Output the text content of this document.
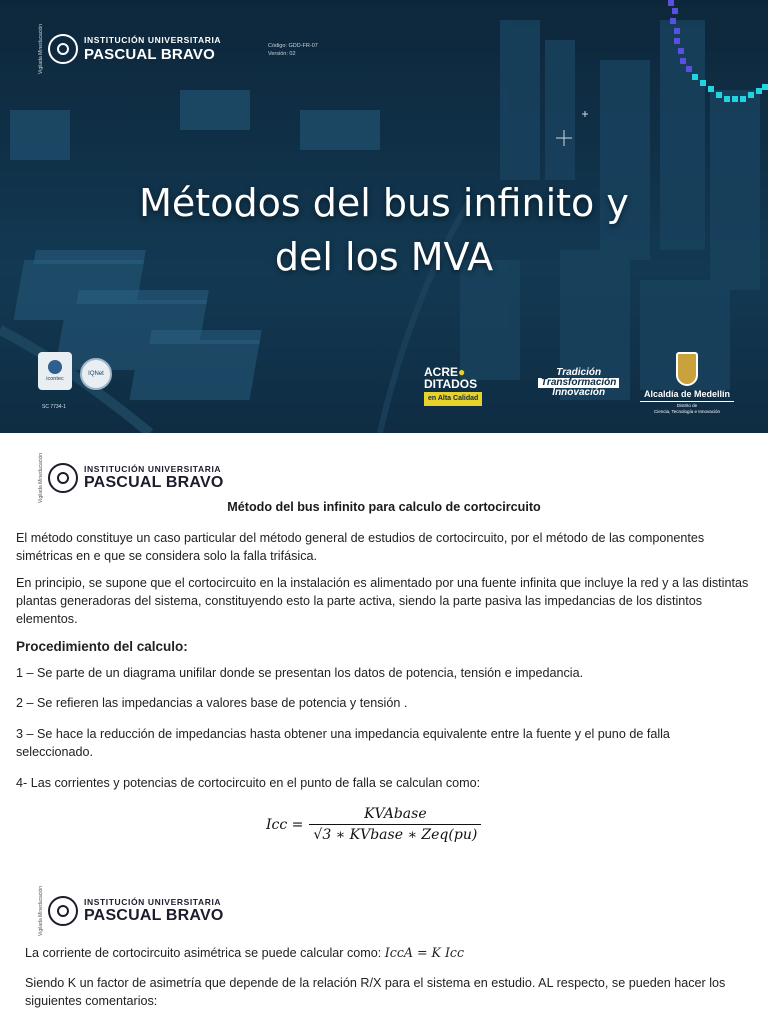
Vigilada Mineducación	INSTITUCIÓN UNIVERSITARIA
PASCUAL BRAVO	Código: GDD-FR-07
Versión: 02
Métodos del bus infinito y
del los MVA
icontec
IQNet
SC 7734-1
ACRE●
DITADOS
en Alta Calidad
Tradición
Transformación
Innovación	Alcaldía de Medellín
Distrito de
Ciencia, Tecnología e Innovación
Vigilada Mineducación	INSTITUCIÓN UNIVERSITARIA
PASCUAL BRAVO
Método del bus infinito para calculo de cortocircuito

El método constituye un caso particular del método general de estudios de cortocircuito, por el método de las componentes simétricas en e que se considera solo la falla trifásica.

En principio, se supone que el cortocircuito en la instalación es alimentado por una fuente infinita que incluye la red y a las distintas plantas generadoras del sistema, constituyendo esto la parte activa, siendo la parte pasiva las impedancias de los distintos elementos.

Procedimiento del calculo:

1 – Se parte de un diagrama unifilar donde se presentan los datos de potencia, tensión e impedancia.

2 – Se refieren las impedancias a valores base de potencia y tensión .

3 – Se hace la reducción de impedancias hasta obtener una impedancia equivalente entre la fuente y el puno de falla seleccionado.

4- Las corrientes y potencias de cortocircuito en el punto de falla se calculan como:

Icc = $\frac{\text{KVAbase}}{\text{√3 ∗ KVbase ∗ Zeq(pu)}}$
Vigilada Mineducación	INSTITUCIÓN UNIVERSITARIA
PASCUAL BRAVO

La corriente de cortocircuito asimétrica se puede calcular como: IccA = K Icc

Siendo K un factor de asimetría que depende de la relación R/X para el sistema en estudio. AL respecto, se pueden hacer los siguientes comentarios:
